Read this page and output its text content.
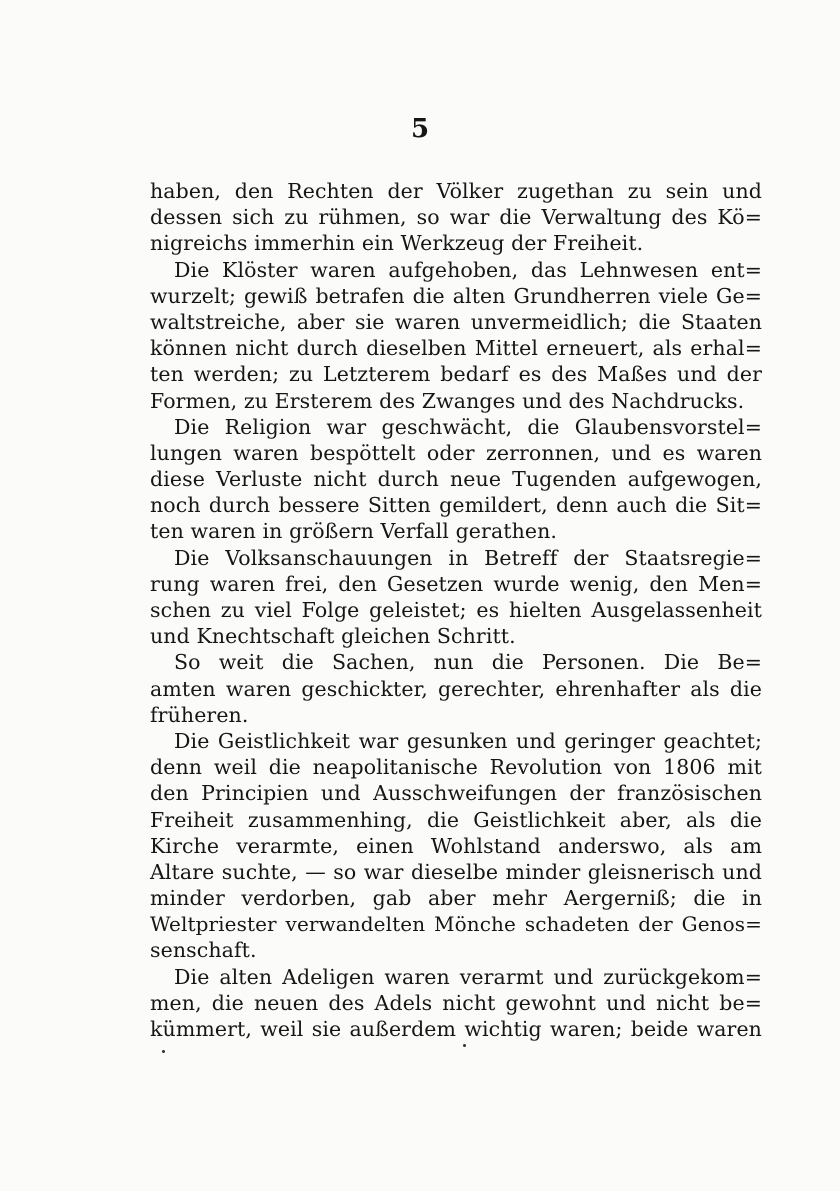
5
haben, den Rechten der Völker zugethan zu sein und
dessen sich zu rühmen, so war die Verwaltung des Kö=
nigreichs immerhin ein Werkzeug der Freiheit.
Die Klöster waren aufgehoben, das Lehnwesen ent=
wurzelt; gewiß betrafen die alten Grundherren viele Ge=
waltstreiche, aber sie waren unvermeidlich; die Staaten
können nicht durch dieselben Mittel erneuert, als erhal=
ten werden; zu Letzterem bedarf es des Maßes und der
Formen, zu Ersterem des Zwanges und des Nachdrucks.
Die Religion war geschwächt, die Glaubensvorstel=
lungen waren bespöttelt oder zerronnen, und es waren
diese Verluste nicht durch neue Tugenden aufgewogen,
noch durch bessere Sitten gemildert, denn auch die Sit=
ten waren in größern Verfall gerathen.
Die Volksanschauungen in Betreff der Staatsregie=
rung waren frei, den Gesetzen wurde wenig, den Men=
schen zu viel Folge geleistet; es hielten Ausgelassenheit
und Knechtschaft gleichen Schritt.
So weit die Sachen, nun die Personen. Die Be=
amten waren geschickter, gerechter, ehrenhafter als die
früheren.
Die Geistlichkeit war gesunken und geringer geachtet;
denn weil die neapolitanische Revolution von 1806 mit
den Principien und Ausschweifungen der französischen
Freiheit zusammenhing, die Geistlichkeit aber, als die
Kirche verarmte, einen Wohlstand anderswo, als am
Altare suchte, — so war dieselbe minder gleisnerisch und
minder verdorben, gab aber mehr Aergerniß; die in
Weltpriester verwandelten Mönche schadeten der Genos=
senschaft.
Die alten Adeligen waren verarmt und zurückgekom=
men, die neuen des Adels nicht gewohnt und nicht be=
kümmert, weil sie außerdem wichtig waren; beide waren
